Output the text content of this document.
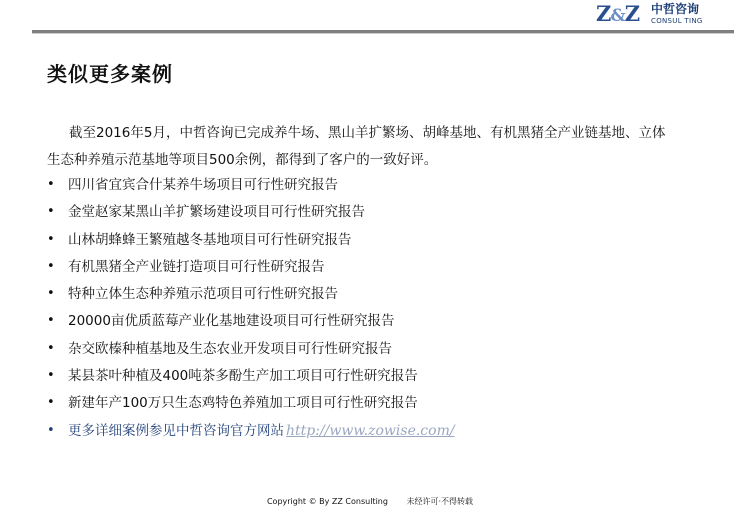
Z&Z 中哲咨询
CONSUL TING
类似更多案例
截至2016年5月，中哲咨询已完成养牛场、黑山羊扩繁场、胡峰基地、有机黑猪全产业链基地、立体生态种养殖示范基地等项目500余例，都得到了客户的一致好评。
• 四川省宜宾合什某养牛场项目可行性研究报告
• 金堂赵家某黑山羊扩繁场建设项目可行性研究报告
• 山林胡蜂蜂王繁殖越冬基地项目可行性研究报告
• 有机黑猪全产业链打造项目可行性研究报告
• 特种立体生态种养殖示范项目可行性研究报告
• 20000亩优质蓝莓产业化基地建设项目可行性研究报告
• 杂交欧榛种植基地及生态农业开发项目可行性研究报告
• 某县茶叶种植及400吨茶多酚生产加工项目可行性研究报告
• 新建年产100万只生态鸡特色养殖加工项目可行性研究报告
• 更多详细案例参见中哲咨询官方网站 http://www.zowise.com/
Copyright © By ZZ Consulting 未经许可·不得转载
